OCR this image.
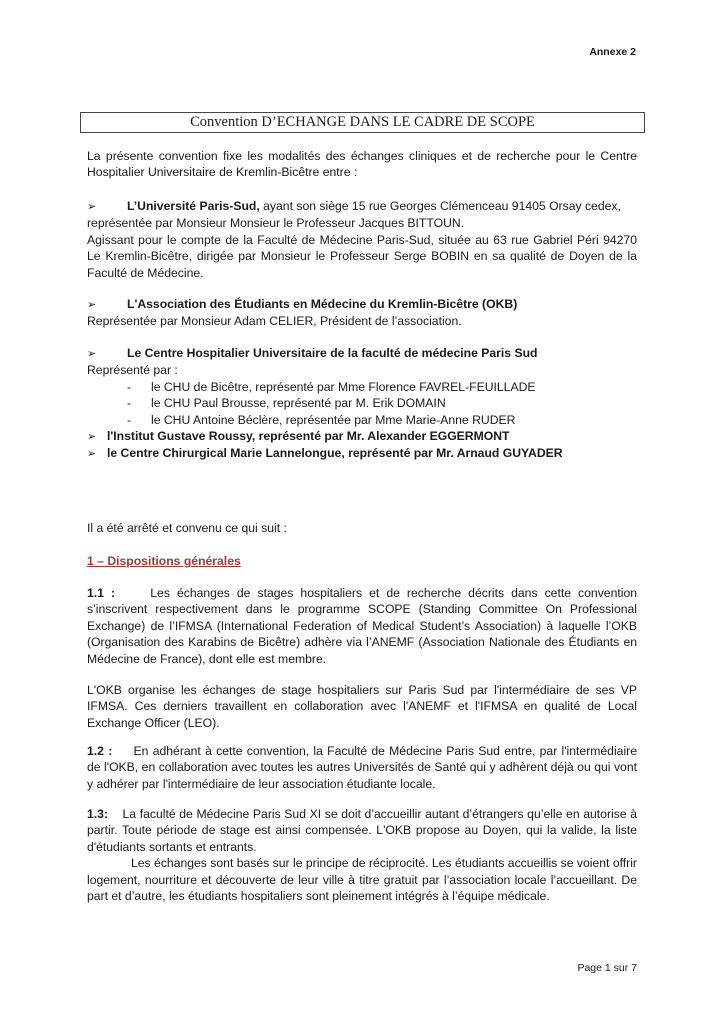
Annexe 2
Convention D’ECHANGE DANS LE CADRE DE SCOPE

La présente convention fixe les modalités des échanges cliniques et de recherche pour le Centre Hospitalier Universitaire de Kremlin-Bicêtre entre :

➢	L’Université Paris-Sud, ayant son siège 15 rue Georges Clémenceau 91405 Orsay cedex,

représentée par Monsieur Monsieur le Professeur Jacques BITTOUN.

Agissant pour le compte de la Faculté de Médecine Paris-Sud, située au 63 rue Gabriel Péri 94270 Le Kremlin-Bicêtre, dirigée par Monsieur le Professeur Serge BOBIN en sa qualité de Doyen de la Faculté de Médecine.

➢	L'Association des Étudiants en Médecine du Kremlin-Bicêtre (OKB)

Représentée par Monsieur Adam CELIER, Président de l’association.

➢	Le Centre Hospitalier Universitaire de la faculté de médecine Paris Sud

Représenté par :

- le CHU de Bicêtre, représenté par Mme Florence FAVREL-FEUILLADE

- le CHU Paul Brousse, représenté par M. Erik DOMAIN

- le CHU Antoine Béclère, représentée par Mme Marie-Anne RUDER

➢ l'Institut Gustave Roussy, représenté par Mr. Alexander EGGERMONT

➢ le Centre Chirurgical Marie Lannelongue, représenté par Mr. Arnaud GUYADER

Il a été arrêté et convenu ce qui suit :

1 – Dispositions générales

1.1 :	Les échanges de stages hospitaliers et de recherche décrits dans cette convention s’inscrivent respectivement dans le programme SCOPE (Standing Committee On Professional Exchange) de l’IFMSA (International Federation of Medical Student’s Association) à laquelle l’OKB (Organisation des Karabins de Bicêtre) adhère via l’ANEMF (Association Nationale des Étudiants en Médecine de France), dont elle est membre.

L'OKB organise les échanges de stage hospitaliers sur Paris Sud par l'intermédiaire de ses VP IFMSA. Ces derniers travaillent en collaboration avec l'ANEMF et l'IFMSA en qualité de Local Exchange Officer (LEO).

1.2 : En adhérant à cette convention, la Faculté de Médecine Paris Sud entre, par l'intermédiaire de l'OKB, en collaboration avec toutes les autres Universités de Santé qui y adhèrent déjà ou qui vont y adhérer par l'intermédiaire de leur association étudiante locale.

1.3: La faculté de Médecine Paris Sud XI se doit d’accueillir autant d’étrangers qu’elle en autorise à partir. Toute période de stage est ainsi compensée. L'OKB propose au Doyen, qui la valide, la liste d'étudiants sortants et entrants.

Les échanges sont basés sur le principe de réciprocité. Les étudiants accueillis se voient offrir logement, nourriture et découverte de leur ville à titre gratuit par l’association locale l’accueillant. De part et d’autre, les étudiants hospitaliers sont pleinement intégrés à l’équipe médicale.

Page 1 sur 7
